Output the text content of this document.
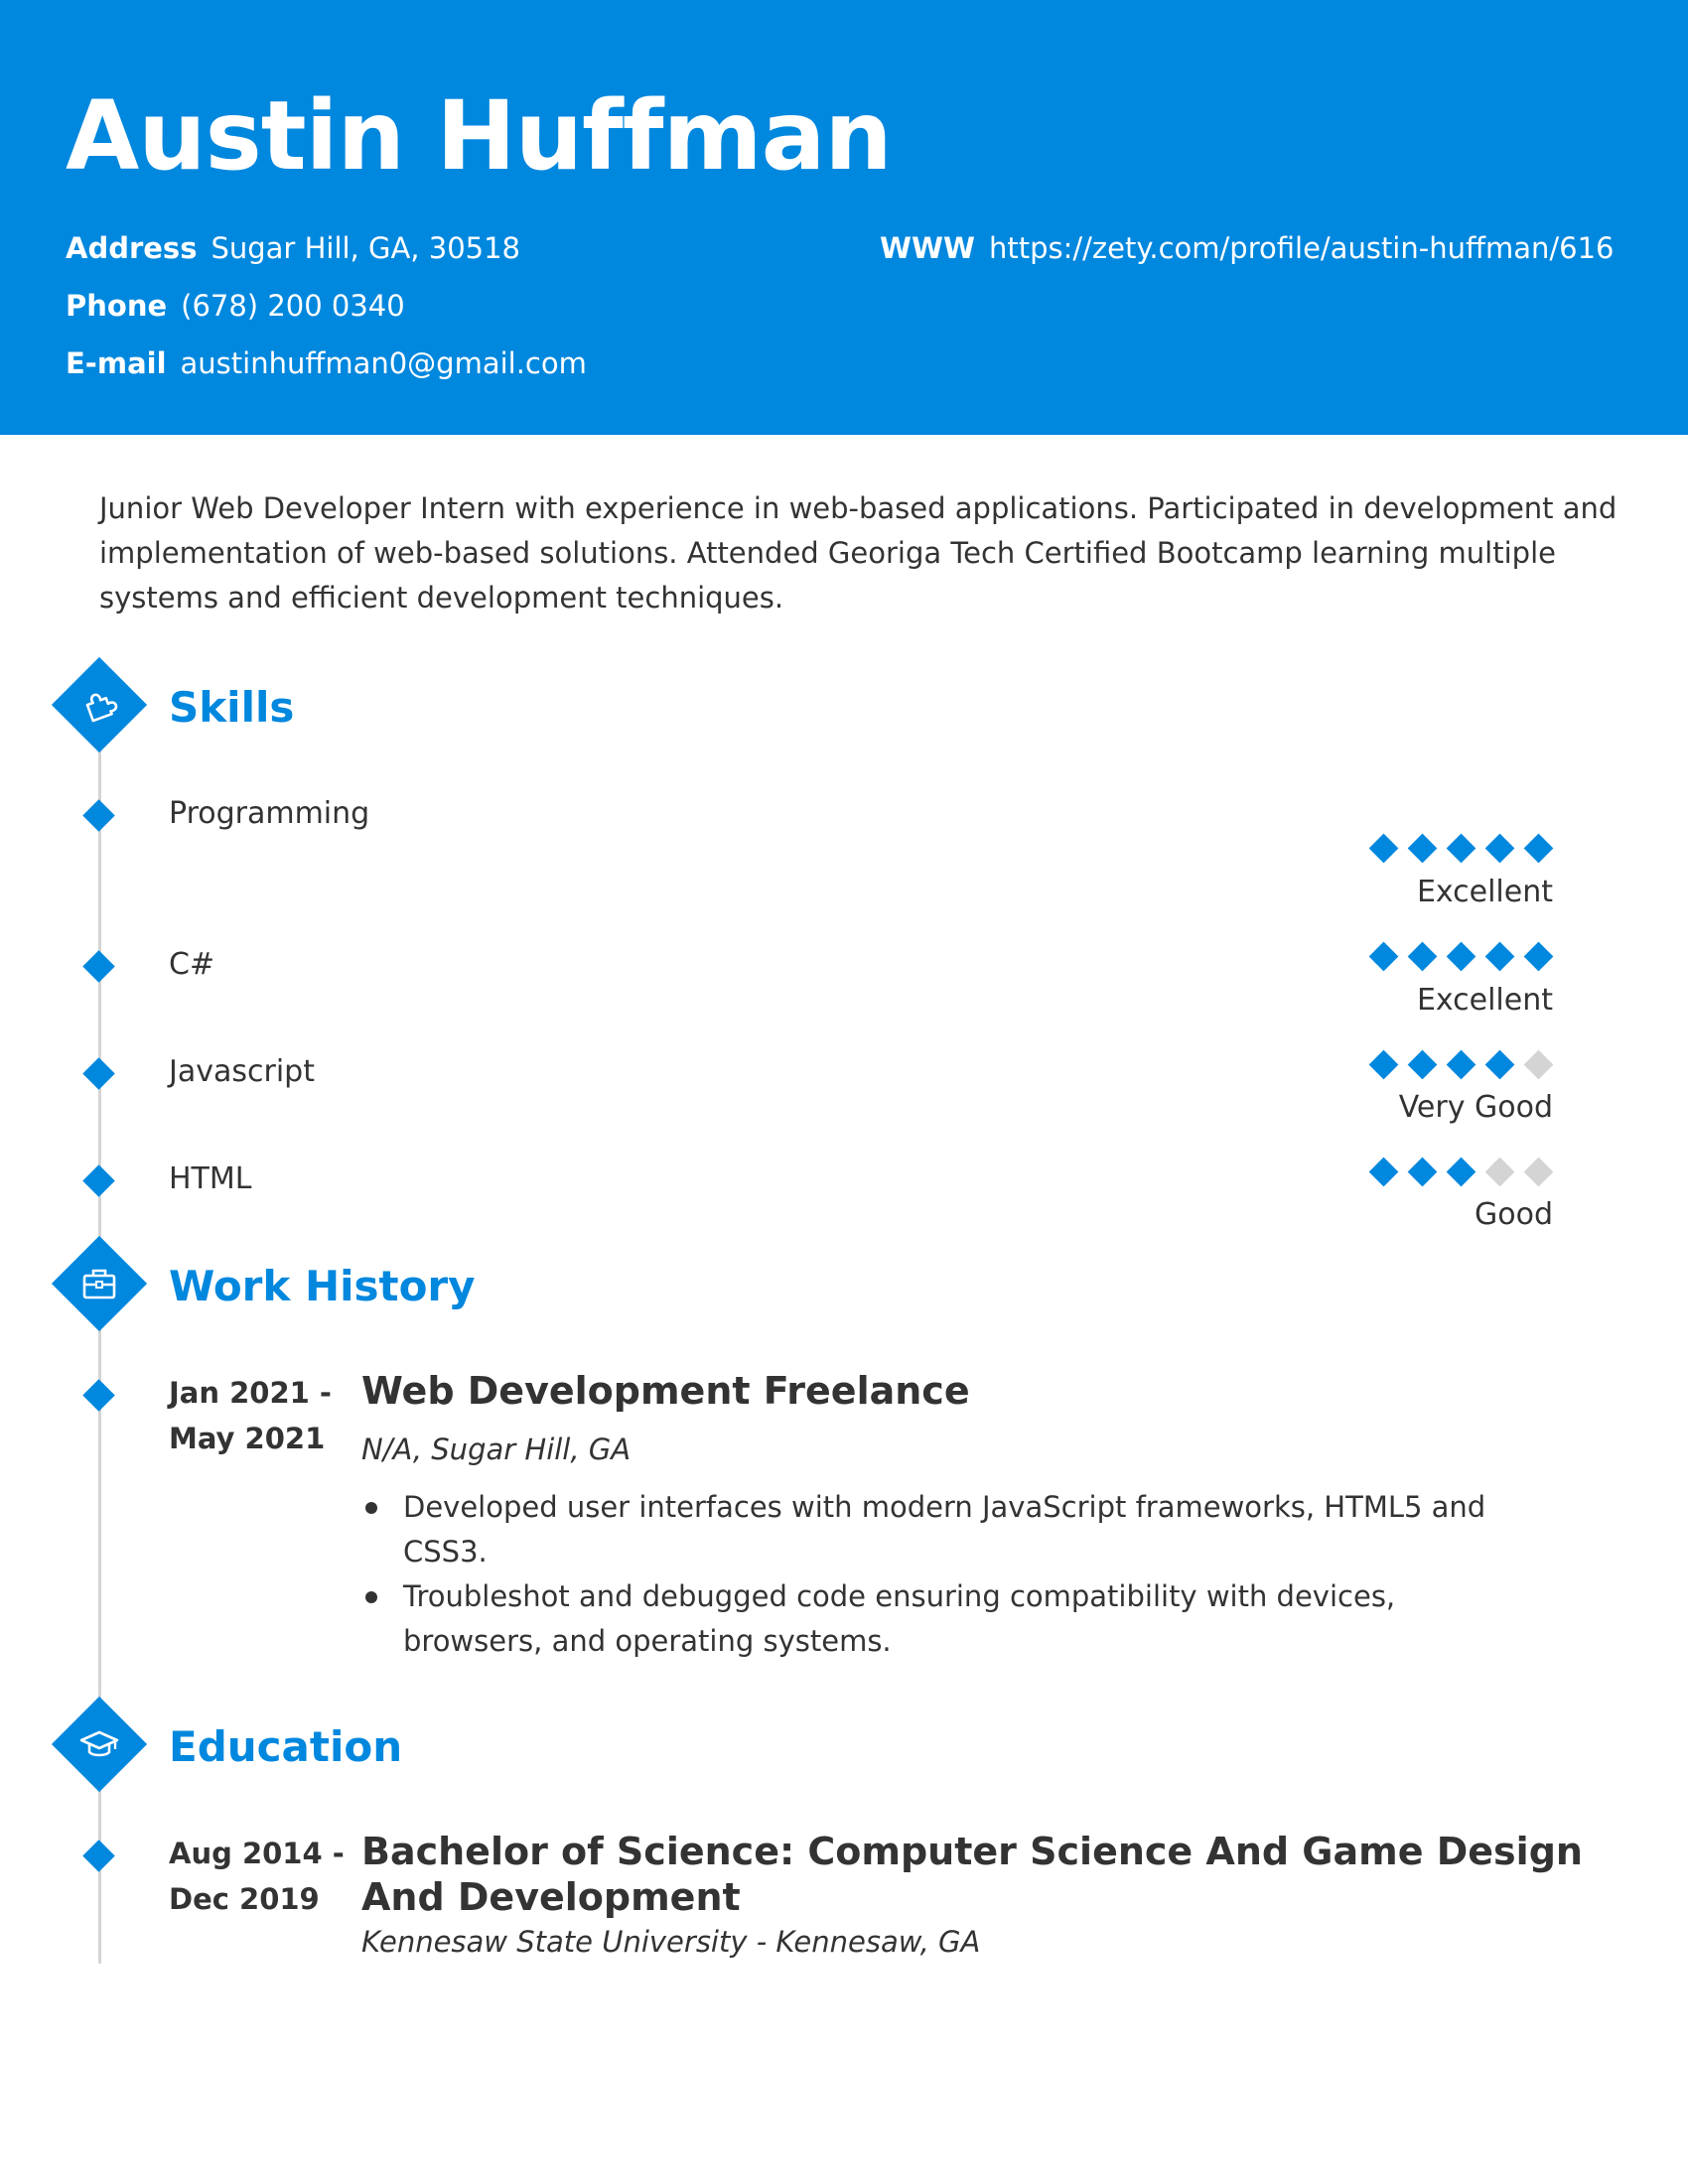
Austin Huffman
Address Sugar Hill, GA, 30518
Phone (678) 200 0340
E-mail austinhuffman0@gmail.com
WWW https://zety.com/profile/austin-huffman/616

Junior Web Developer Intern with experience in web-based applications. Participated in development and implementation of web-based solutions. Attended Georiga Tech Certified Bootcamp learning multiple systems and efficient development techniques.

Skills
Programming
Excellent
C#
Excellent
Javascript
Very Good
HTML
Good
Work History
Jan 2021 -
May 2021
Web Development Freelance
N/A, Sugar Hill, GA
Developed user interfaces with modern JavaScript frameworks, HTML5 and CSS3.
Troubleshot and debugged code ensuring compatibility with devices, browsers, and operating systems.
Education
Aug 2014 -
Dec 2019
Bachelor of Science: Computer Science And Game Design And Development
Kennesaw State University - Kennesaw, GA
